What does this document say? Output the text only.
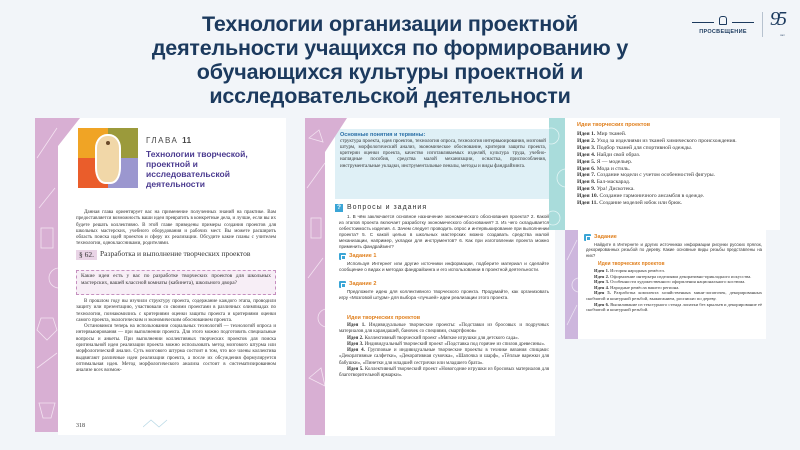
Технологии организации проектной
деятельности учащихся по формированию у
обучающихся культуры проектной и
исследовательской деятельности
ПРОСВЕЩЕНИЕ
95
лет
ГЛАВА 11
Технологии творческой, проектной и исследовательской деятельности

Данная глава ориентирует вас на применение полученных знаний на практике. Вам предоставляется возможность ваши идеи превратить в конкретные дела, и лучше, если вы их будете решать коллективно. В этой главе приведены примеры создания проектов для школьных мастерских, учебного оборудования и рабочих мест. Вы можете расширить область поиска идей проектов и сферу их реализации. Обсудите какие планы с учителем технологии, одноклассниками, родителями.

§ 62. Разработка и выполнение творческих проектов
Какие идеи есть у вас по разработке творческих проектов для школьных мастерских, вашей классной комнаты (кабинета), школьного двора?

В прошлом году вы изучили структуру проекта, содержание каждого этапа, проводили защиту или презентацию, участвовали со своими проектами в различных олимпиадах по технологии, познакомились с критериями оценки защиты проекта и критериями оценки самого проекта, экологическим и экономическим обоснованием проекта.

Остановимся теперь на использовании социальных технологий — технологий опроса и интервьюирования — при выполнении проекта. Для этого можно подготовить специальные вопросы и анкеты. При выполнении коллективных творческих проектов для поиска оригинальной идеи реализации проекта можно использовать метод мозгового штурма или морфологический анализ. Суть мозгового штурма состоит в том, что все члены коллектива выдвигают различные идеи реализации проекта, а после их обсуждения формулируется оптимальная идея. Метод морфологического анализа состоит в систематизированном анализе всех возмож-

318
Основные понятия и термины:
структура проекта, идея проектов, технология опроса, технология интервьюирования, мозговой штурм, морфологический анализ, экономическое обоснование, критерии защиты проекта, критерии оценки проекта, качество изготавливаемых изделий, культура труда, учебно-наглядные пособия, средства малой механизации, оснастка, приспособления, инструментальные укладки, инструментальные пеналы, методы и виды фандрайзинга.
? Вопросы и задания

1. В чём заключается основное назначение экономического обоснования проекта? 2. Какой из этапов проекта включает разработку экономического обоснования? 3. Из чего складывается себестоимость изделия. 4. Зачем следует проводить опрос и интервьюирование при выполнении проекта? 5. С какой целью в школьных мастерских можно создавать средства малой механизации, например, укладки для инструментов? 6. Как при изготовлении проекта можно применить фандрайзинг?

Задание 1

Используя Интернет или другие источники информации, подберите материал и сделайте сообщение о видах и методах фандрайзинга и его использовании в проектной деятельности.

Задание 2

Предложите идею для коллективного творческого проекта. Продумайте, как организовать игру «Мозговой штурм» для выбора «лучшей» идеи реализации этого проекта.

Идеи творческих проектов

Идея 1. Индивидуальные творческие проекты: «Подставки из бросовых и подручных материалов для карандашей, баночек со специями, смартфонов»

Идея 2. Коллективный творческий проект «Мягкие игрушки для детского сада».

Идея 3. Индивидуальный творческий проект «Подставка под горячее из спилов древесины».

Идея 4. Групповые и индивидуальные творческие проекты в технике вязания спицами: «Декоративные салфетки», «Декоративная сумочка», «Шапочка и шарф», «Тёплые варежки для бабушки», «Пинетки для младшей сестрички или младшего брата».

Идея 5. Коллективный творческий проект «Новогодние игрушки из бросовых материалов для благотворительной ярмарки».

Идеи творческих проектов
Идея 1. Мир тканей.
Идея 2. Уход за изделиями из тканей химического происхождения.
Идея 3. Подбор тканей для спортивной одежды.
Идея 4. Найди свой образ.
Идея 5. Я — модельер.
Идея 6. Мода и стиль.
Идея 7. Создание модели с учетом особенностей фигуры.
Идея 8. Бал-маскарад.
Идея 9. Ура! Дискотека.
Идея 10. Создание гармоничного ансамбля в одежде.
Идея 11. Создание моделей юбок или брюк.
Задание

Найдите в Интернете и других источниках информации рисунки русских прялок, декорированных резьбой по дереву. Какие основные виды резьбы представлены на них?

Идеи творческих проектов

Идея 1. История народных ремёсел.

Идея 2. Оформление интерьера изделиями декоративно-прикладного искусства.

Идея 3. Особенности художественного оформления национального костюма.

Идея 4. Народные ремёсла вашего региона.

Идея 5. Разработка комплекта хозяйственных мини-лопаточек, декорированных скобчатой и контурной резьбой, выжиганием, росписью по дереву.

Идея 6. Выпиливание из текстурного стенда лопатки без крыльев и декорирование её скобчатой и контурной резьбой.
